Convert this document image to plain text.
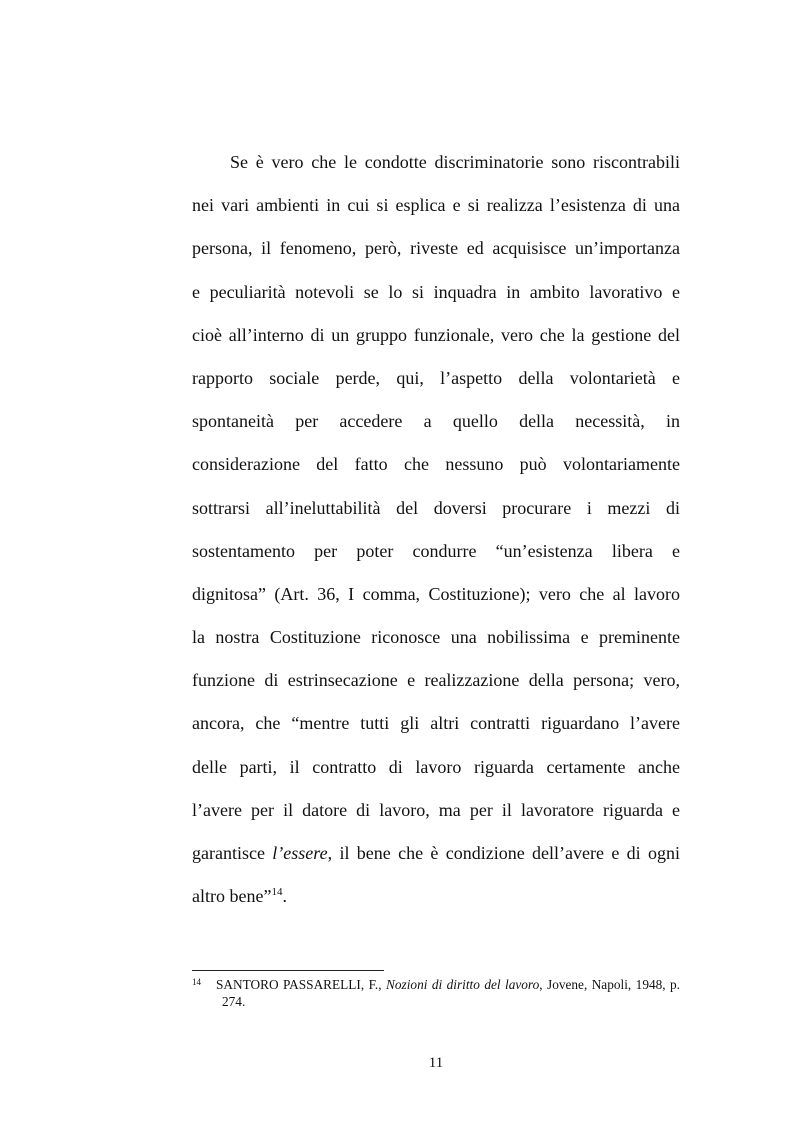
Se è vero che le condotte discriminatorie sono riscontrabili
nei vari ambienti in cui si esplica e si realizza l’esistenza di una
persona, il fenomeno, però, riveste ed acquisisce un’importanza
e peculiarità notevoli se lo si inquadra in ambito lavorativo e
cioè all’interno di un gruppo funzionale, vero che la gestione del
rapporto sociale perde, qui, l’aspetto della volontarietà e
spontaneità per accedere a quello della necessità, in
considerazione del fatto che nessuno può volontariamente
sottrarsi all’ineluttabilità del doversi procurare i mezzi di
sostentamento per poter condurre “un’esistenza libera e
dignitosa” (Art. 36, I comma, Costituzione); vero che al lavoro
la nostra Costituzione riconosce una nobilissima e preminente
funzione di estrinsecazione e realizzazione della persona; vero,
ancora, che “mentre tutti gli altri contratti riguardano l’avere
delle parti, il contratto di lavoro riguarda certamente anche
l’avere per il datore di lavoro, ma per il lavoratore riguarda e
garantisce l’essere, il bene che è condizione dell’avere e di ogni
altro bene”$^{14}$.
14	SANTORO PASSARELLI, F., Nozioni di diritto del lavoro, Jovene, Napoli, 1948, p.
274.
11
